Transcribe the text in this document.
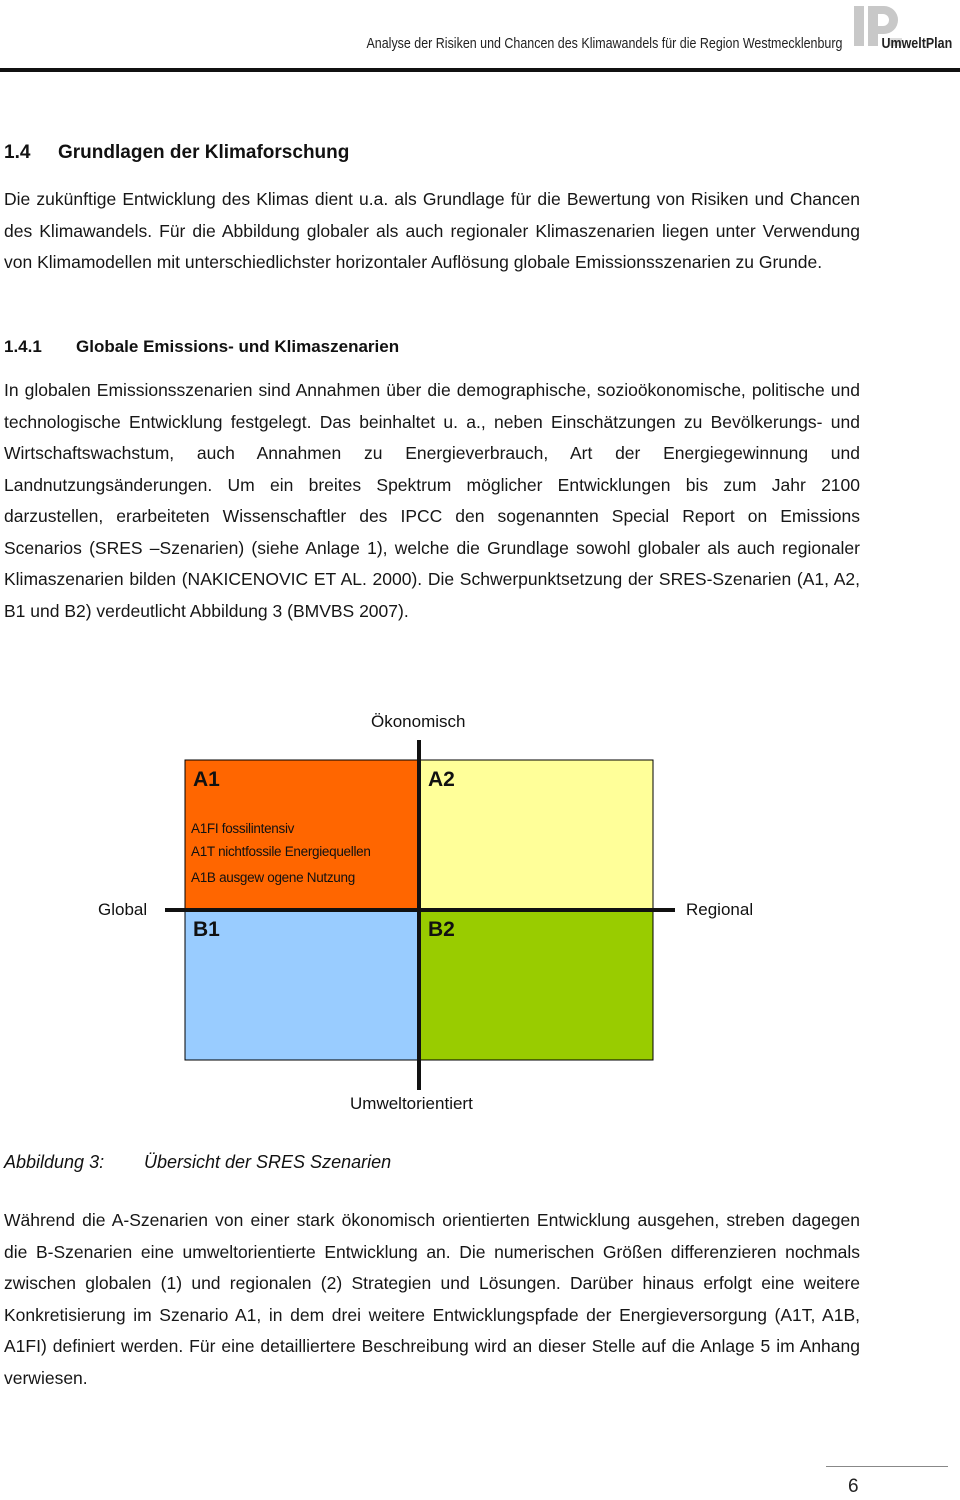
Analyse der Risiken und Chancen des Klimawandels für die Region Westmecklenburg	UmweltPlan
1.4 Grundlagen der Klimaforschung

Die zukünftige Entwicklung des Klimas dient u.a. als Grundlage für die Bewertung von Risiken und Chancen des Klimawandels. Für die Abbildung globaler als auch regionaler Klimaszenarien liegen unter Verwendung von Klimamodellen mit unterschiedlichster horizontaler Auflösung globale Emissionsszenarien zu Grunde.

1.4.1 Globale Emissions- und Klimaszenarien

In globalen Emissionsszenarien sind Annahmen über die demographische, sozioökonomische, politische und technologische Entwicklung festgelegt. Das beinhaltet u. a., neben Einschätzungen zu Bevölkerungs- und Wirtschaftswachstum, auch Annahmen zu Energieverbrauch, Art der Energiegewinnung und Landnutzungsänderungen. Um ein breites Spektrum möglicher Entwicklungen bis zum Jahr 2100 darzustellen, erarbeiteten Wissenschaftler des IPCC den sogenannten Special Report on Emissions Scenarios (SRES –Szenarien) (siehe Anlage 1), welche die Grundlage sowohl globaler als auch regionaler Klimaszenarien bilden (NAKICENOVIC ET AL. 2000). Die Schwerpunktsetzung der SRES-Szenarien (A1, A2, B1 und B2) verdeutlicht Abbildung 3 (BMVBS 2007).

Ökonomisch
Umweltorientiert
Global	Regional
A1	A2
B1	B2
A1FI fossilintensiv
A1T nichtfossile Energiequellen
A1B ausgew ogene Nutzung
Abbildung 3: Übersicht der SRES Szenarien

Während die A-Szenarien von einer stark ökonomisch orientierten Entwicklung ausgehen, streben dagegen die B-Szenarien eine umweltorientierte Entwicklung an. Die numerischen Größen differenzieren nochmals zwischen globalen (1) und regionalen (2) Strategien und Lösungen. Darüber hinaus erfolgt eine weitere Konkretisierung im Szenario A1, in dem drei weitere Entwicklungspfade der Energieversorgung (A1T, A1B, A1FI) definiert werden. Für eine detailliertere Beschreibung wird an dieser Stelle auf die Anlage 5 im Anhang verwiesen.

6
